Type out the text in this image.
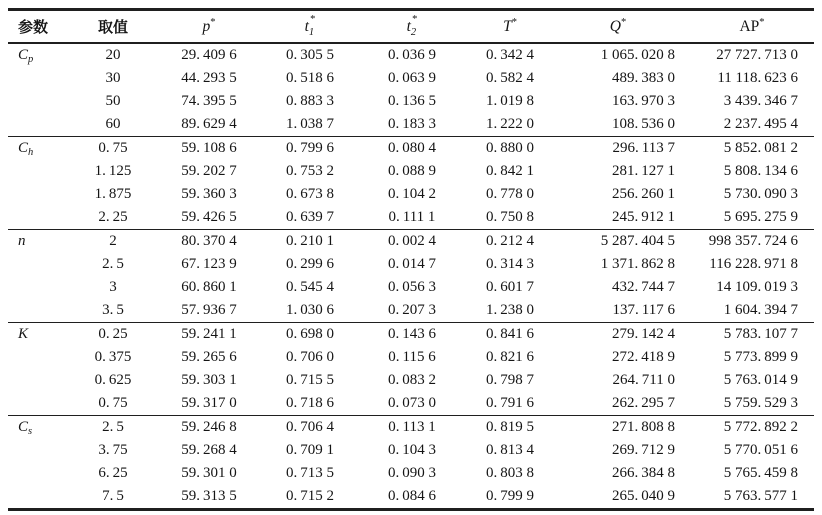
参数	取值	p*	$t_1^*$	$t_2^*$	T*	Q*	AP*
$C_p$	20	29. 409 6	0. 305 5	0. 036 9	0. 342 4	1 065. 020 8	27 727. 713 0
	30	44. 293 5	0. 518 6	0. 063 9	0. 582 4	489. 383 0	11 118. 623 6
	50	74. 395 5	0. 883 3	0. 136 5	1. 019 8	163. 970 3	3 439. 346 7
	60	89. 629 4	1. 038 7	0. 183 3	1. 222 0	108. 536 0	2 237. 495 4
$C_h$	0. 75	59. 108 6	0. 799 6	0. 080 4	0. 880 0	296. 113 7	5 852. 081 2
	1. 125	59. 202 7	0. 753 2	0. 088 9	0. 842 1	281. 127 1	5 808. 134 6
	1. 875	59. 360 3	0. 673 8	0. 104 2	0. 778 0	256. 260 1	5 730. 090 3
	2. 25	59. 426 5	0. 639 7	0. 111 1	0. 750 8	245. 912 1	5 695. 275 9
n	2	80. 370 4	0. 210 1	0. 002 4	0. 212 4	5 287. 404 5	998 357. 724 6
	2. 5	67. 123 9	0. 299 6	0. 014 7	0. 314 3	1 371. 862 8	116 228. 971 8
	3	60. 860 1	0. 545 4	0. 056 3	0. 601 7	432. 744 7	14 109. 019 3
	3. 5	57. 936 7	1. 030 6	0. 207 3	1. 238 0	137. 117 6	1 604. 394 7
K	0. 25	59. 241 1	0. 698 0	0. 143 6	0. 841 6	279. 142 4	5 783. 107 7
	0. 375	59. 265 6	0. 706 0	0. 115 6	0. 821 6	272. 418 9	5 773. 899 9
	0. 625	59. 303 1	0. 715 5	0. 083 2	0. 798 7	264. 711 0	5 763. 014 9
	0. 75	59. 317 0	0. 718 6	0. 073 0	0. 791 6	262. 295 7	5 759. 529 3
$C_s$	2. 5	59. 246 8	0. 706 4	0. 113 1	0. 819 5	271. 808 8	5 772. 892 2
	3. 75	59. 268 4	0. 709 1	0. 104 3	0. 813 4	269. 712 9	5 770. 051 6
	6. 25	59. 301 0	0. 713 5	0. 090 3	0. 803 8	266. 384 8	5 765. 459 8
	7. 5	59. 313 5	0. 715 2	0. 084 6	0. 799 9	265. 040 9	5 763. 577 1
